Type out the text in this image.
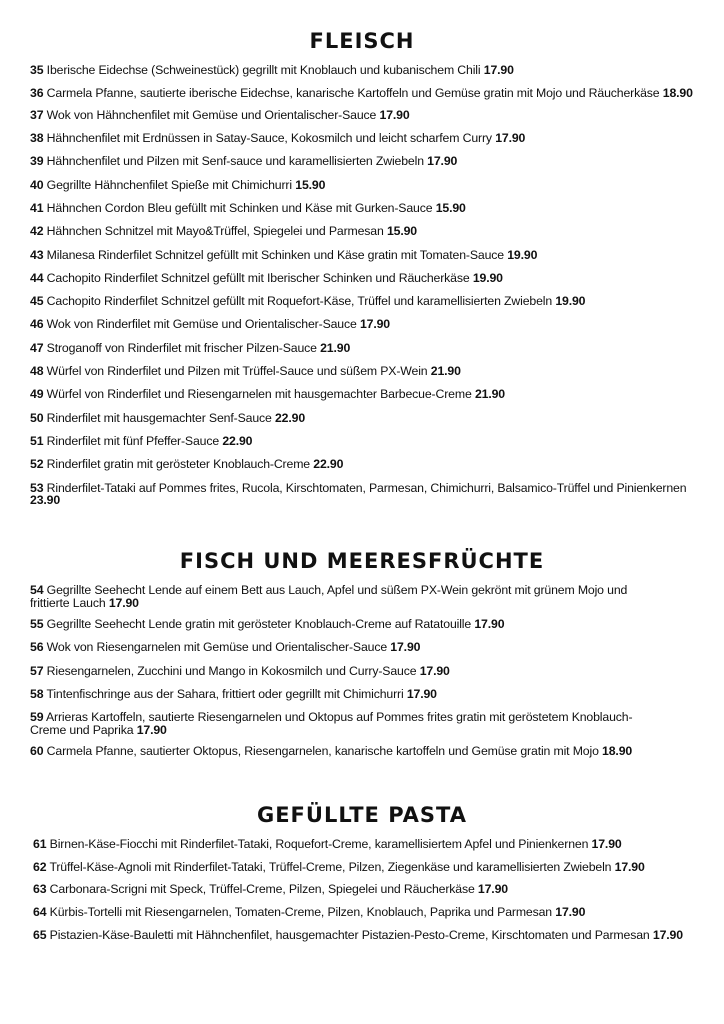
FLEISCH
35 Iberische Eidechse (Schweinestück) gegrillt mit Knoblauch und kubanischem Chili 17.90
36 Carmela Pfanne, sautierte iberische Eidechse, kanarische Kartoffeln und Gemüse gratin mit Mojo und Räucherkäse 18.90
37 Wok von Hähnchenfilet mit Gemüse und Orientalischer-Sauce 17.90
38 Hähnchenfilet mit Erdnüssen in Satay-Sauce, Kokosmilch und leicht scharfem Curry 17.90
39 Hähnchenfilet und Pilzen mit Senf-sauce und karamellisierten Zwiebeln 17.90
40 Gegrillte Hähnchenfilet Spieße mit Chimichurri 15.90
41 Hähnchen Cordon Bleu gefüllt mit Schinken und Käse mit Gurken-Sauce 15.90
42 Hähnchen Schnitzel mit Mayo&Trüffel, Spiegelei und Parmesan 15.90
43 Milanesa Rinderfilet Schnitzel gefüllt mit Schinken und Käse gratin mit Tomaten-Sauce 19.90
44 Cachopito Rinderfilet Schnitzel gefüllt mit Iberischer Schinken und Räucherkäse 19.90
45 Cachopito Rinderfilet Schnitzel gefüllt mit Roquefort-Käse, Trüffel und karamellisierten Zwiebeln 19.90
46 Wok von Rinderfilet mit Gemüse und Orientalischer-Sauce 17.90
47 Stroganoff von Rinderfilet mit frischer Pilzen-Sauce 21.90
48 Würfel von Rinderfilet und Pilzen mit Trüffel-Sauce und süßem PX-Wein 21.90
49 Würfel von Rinderfilet und Riesengarnelen mit hausgemachter Barbecue-Creme 21.90
50 Rinderfilet mit hausgemachter Senf-Sauce 22.90
51 Rinderfilet mit fünf Pfeffer-Sauce 22.90
52 Rinderfilet gratin mit gerösteter Knoblauch-Creme 22.90
53 Rinderfilet-Tataki auf Pommes frites, Rucola, Kirschtomaten, Parmesan, Chimichurri, Balsamico-Trüffel und Pinienkernen 23.90
FISCH UND MEERESFRÜCHTE
54 Gegrillte Seehecht Lende auf einem Bett aus Lauch, Apfel und süßem PX-Wein gekrönt mit grünem Mojo und frittierte Lauch 17.90
55 Gegrillte Seehecht Lende gratin mit gerösteter Knoblauch-Creme auf Ratatouille 17.90
56 Wok von Riesengarnelen mit Gemüse und Orientalischer-Sauce 17.90
57 Riesengarnelen, Zucchini und Mango in Kokosmilch und Curry-Sauce 17.90
58 Tintenfischringe aus der Sahara, frittiert oder gegrillt mit Chimichurri 17.90
59 Arrieras Kartoffeln, sautierte Riesengarnelen und Oktopus auf Pommes frites gratin mit geröstetem Knoblauch-Creme und Paprika 17.90
60 Carmela Pfanne, sautierter Oktopus, Riesengarnelen, kanarische kartoffeln und Gemüse gratin mit Mojo 18.90
GEFÜLLTE PASTA
61 Birnen-Käse-Fiocchi mit Rinderfilet-Tataki, Roquefort-Creme, karamellisiertem Apfel und Pinienkernen 17.90
62 Trüffel-Käse-Agnoli mit Rinderfilet-Tataki, Trüffel-Creme, Pilzen, Ziegenkäse und karamellisierten Zwiebeln 17.90
63 Carbonara-Scrigni mit Speck, Trüffel-Creme, Pilzen, Spiegelei und Räucherkäse 17.90
64 Kürbis-Tortelli mit Riesengarnelen, Tomaten-Creme, Pilzen, Knoblauch, Paprika und Parmesan 17.90
65 Pistazien-Käse-Bauletti mit Hähnchenfilet, hausgemachter Pistazien-Pesto-Creme, Kirschtomaten und Parmesan 17.90
